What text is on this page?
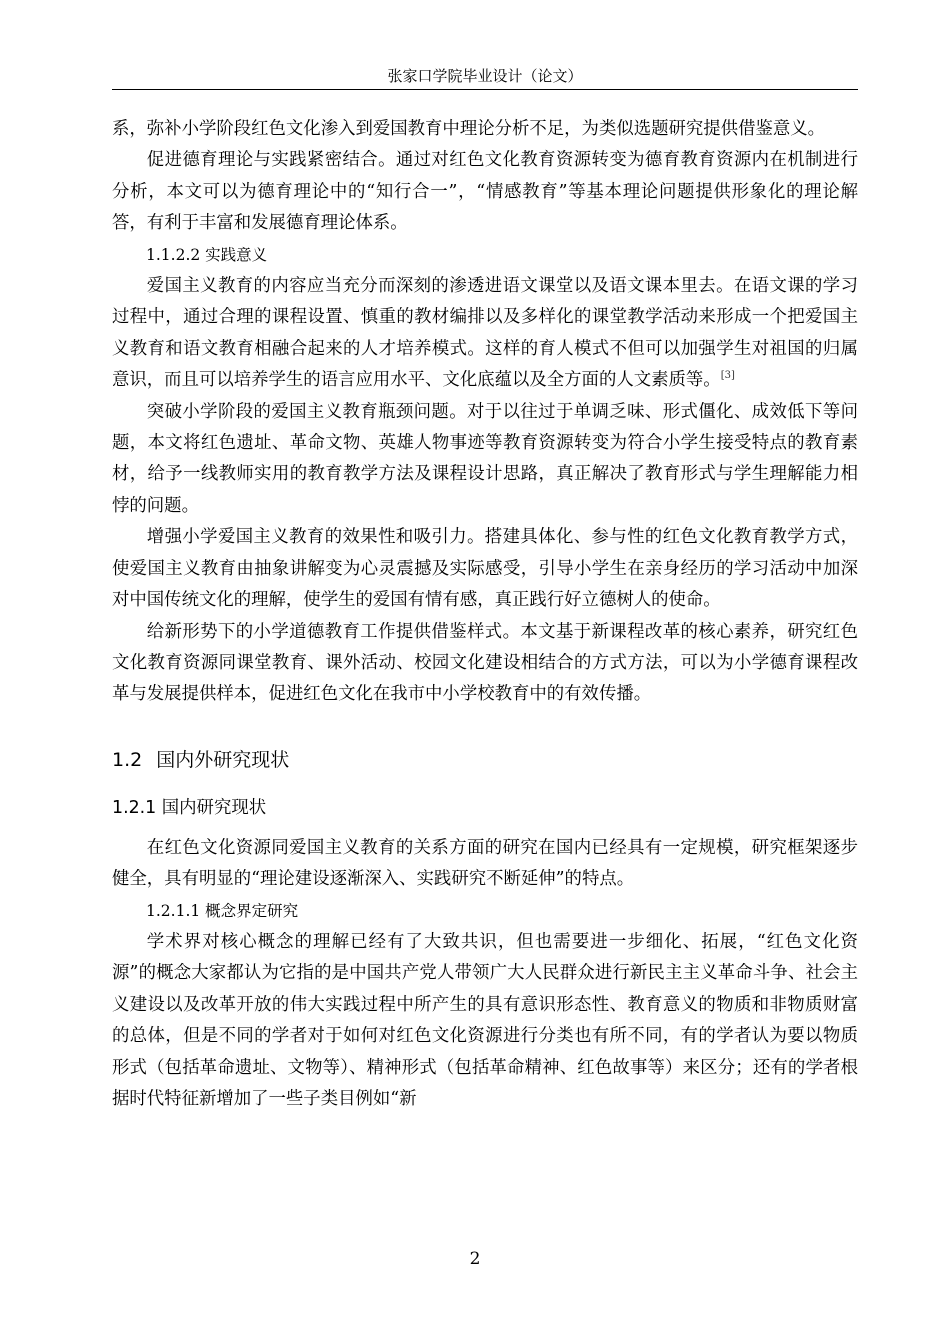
张家口学院毕业设计（论文）

系，弥补小学阶段红色文化渗入到爱国教育中理论分析不足，为类似选题研究提供借鉴意义。

促进德育理论与实践紧密结合。通过对红色文化教育资源转变为德育教育资源内在机制进行分析，本文可以为德育理论中的“知行合一”，“情感教育”等基本理论问题提供形象化的理论解答，有利于丰富和发展德育理论体系。

1.1.2.2 实践意义

爱国主义教育的内容应当充分而深刻的渗透进语文课堂以及语文课本里去。在语文课的学习过程中，通过合理的课程设置、慎重的教材编排以及多样化的课堂教学活动来形成一个把爱国主义教育和语文教育相融合起来的人才培养模式。这样的育人模式不但可以加强学生对祖国的归属意识，而且可以培养学生的语言应用水平、文化底蕴以及全方面的人文素质等。[3]

突破小学阶段的爱国主义教育瓶颈问题。对于以往过于单调乏味、形式僵化、成效低下等问题，本文将红色遗址、革命文物、英雄人物事迹等教育资源转变为符合小学生接受特点的教育素材，给予一线教师实用的教育教学方法及课程设计思路，真正解决了教育形式与学生理解能力相悖的问题。

增强小学爱国主义教育的效果性和吸引力。搭建具体化、参与性的红色文化教育教学方式，使爱国主义教育由抽象讲解变为心灵震撼及实际感受，引导小学生在亲身经历的学习活动中加深对中国传统文化的理解，使学生的爱国有情有感，真正践行好立德树人的使命。

给新形势下的小学道德教育工作提供借鉴样式。本文基于新课程改革的核心素养，研究红色文化教育资源同课堂教育、课外活动、校园文化建设相结合的方式方法，可以为小学德育课程改革与发展提供样本，促进红色文化在我市中小学校教育中的有效传播。

1.2 国内外研究现状
1.2.1 国内研究现状

在红色文化资源同爱国主义教育的关系方面的研究在国内已经具有一定规模，研究框架逐步健全，具有明显的“理论建设逐渐深入、实践研究不断延伸”的特点。

1.2.1.1 概念界定研究

学术界对核心概念的理解已经有了大致共识，但也需要进一步细化、拓展，“红色文化资源”的概念大家都认为它指的是中国共产党人带领广大人民群众进行新民主主义革命斗争、社会主义建设以及改革开放的伟大实践过程中所产生的具有意识形态性、教育意义的物质和非物质财富的总体，但是不同的学者对于如何对红色文化资源进行分类也有所不同，有的学者认为要以物质形式（包括革命遗址、文物等）、精神形式（包括革命精神、红色故事等）来区分；还有的学者根据时代特征新增加了一些子类目例如“新

2
